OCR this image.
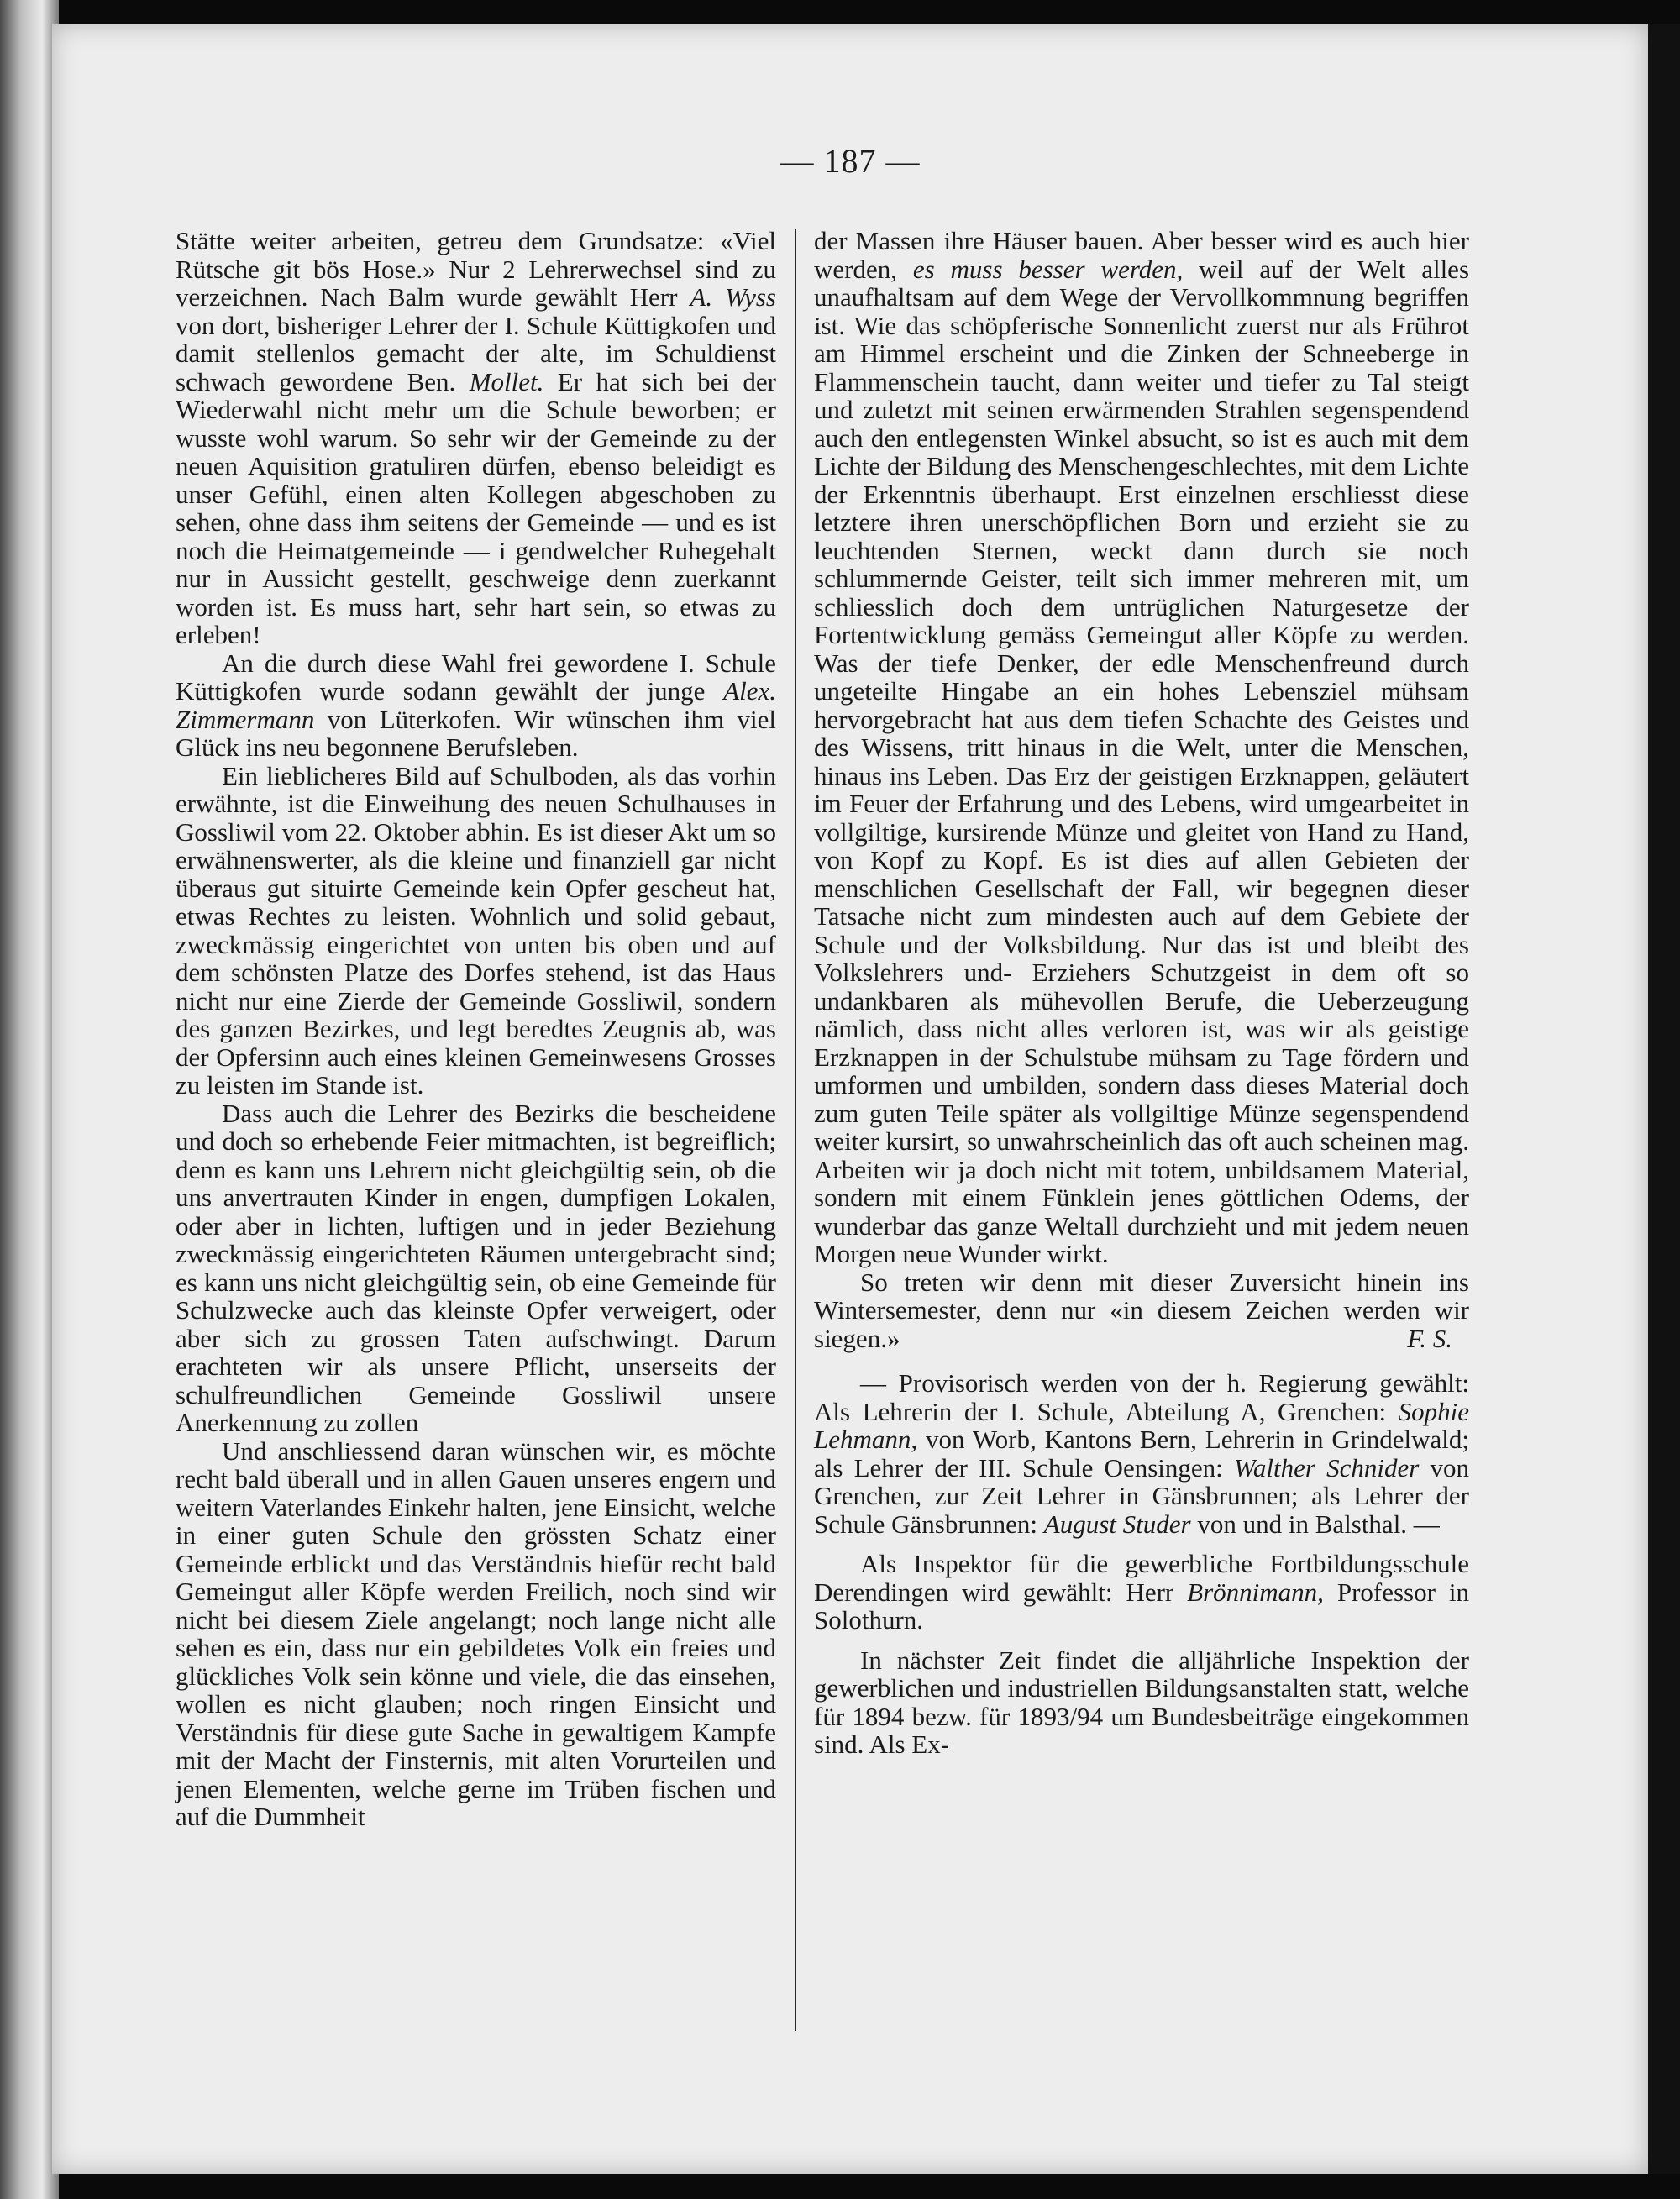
— 187 —

Stätte weiter arbeiten, getreu dem Grundsatze: «Viel Rütsche git bös Hose.» Nur 2 Lehrerwechsel sind zu verzeichnen. Nach Balm wurde gewählt Herr A. Wyss von dort, bisheriger Lehrer der I. Schule Küttigkofen und damit stellenlos gemacht der alte, im Schuldienst schwach gewordene Ben. Mollet. Er hat sich bei der Wiederwahl nicht mehr um die Schule beworben; er wusste wohl warum. So sehr wir der Gemeinde zu der neuen Aquisition gratuliren dürfen, ebenso beleidigt es unser Gefühl, einen alten Kollegen abgeschoben zu sehen, ohne dass ihm seitens der Gemeinde — und es ist noch die Heimatgemeinde — i gendwelcher Ruhegehalt nur in Aussicht gestellt, geschweige denn zuerkannt worden ist. Es muss hart, sehr hart sein, so etwas zu erleben!

An die durch diese Wahl frei gewordene I. Schule Küttigkofen wurde sodann gewählt der junge Alex. Zimmermann von Lüterkofen. Wir wünschen ihm viel Glück ins neu begonnene Berufsleben.

Ein lieblicheres Bild auf Schulboden, als das vorhin erwähnte, ist die Einweihung des neuen Schulhauses in Gossliwil vom 22. Oktober abhin. Es ist dieser Akt um so erwähnenswerter, als die kleine und finanziell gar nicht überaus gut situirte Gemeinde kein Opfer gescheut hat, etwas Rechtes zu leisten. Wohnlich und solid gebaut, zweckmässig eingerichtet von unten bis oben und auf dem schönsten Platze des Dorfes stehend, ist das Haus nicht nur eine Zierde der Gemeinde Gossliwil, sondern des ganzen Bezirkes, und legt beredtes Zeugnis ab, was der Opfersinn auch eines kleinen Gemeinwesens Grosses zu leisten im Stande ist.

Dass auch die Lehrer des Bezirks die bescheidene und doch so erhebende Feier mitmachten, ist begreiflich; denn es kann uns Lehrern nicht gleichgültig sein, ob die uns anvertrauten Kinder in engen, dumpfigen Lokalen, oder aber in lichten, luftigen und in jeder Beziehung zweckmässig eingerichteten Räumen untergebracht sind; es kann uns nicht gleichgültig sein, ob eine Gemeinde für Schulzwecke auch das kleinste Opfer verweigert, oder aber sich zu grossen Taten aufschwingt. Darum erachteten wir als unsere Pflicht, unserseits der schulfreundlichen Gemeinde Gossliwil unsere Anerkennung zu zollen

Und anschliessend daran wünschen wir, es möchte recht bald überall und in allen Gauen unseres engern und weitern Vaterlandes Einkehr halten, jene Einsicht, welche in einer guten Schule den grössten Schatz einer Gemeinde erblickt und das Verständnis hiefür recht bald Gemeingut aller Köpfe werden Freilich, noch sind wir nicht bei diesem Ziele angelangt; noch lange nicht alle sehen es ein, dass nur ein gebildetes Volk ein freies und glückliches Volk sein könne und viele, die das einsehen, wollen es nicht glauben; noch ringen Einsicht und Verständnis für diese gute Sache in gewaltigem Kampfe mit der Macht der Finsternis, mit alten Vorurteilen und jenen Elementen, welche gerne im Trüben fischen und auf die Dummheit

der Massen ihre Häuser bauen. Aber besser wird es auch hier werden, es muss besser werden, weil auf der Welt alles unaufhaltsam auf dem Wege der Vervollkommnung begriffen ist. Wie das schöpferische Sonnenlicht zuerst nur als Frührot am Himmel erscheint und die Zinken der Schneeberge in Flammenschein taucht, dann weiter und tiefer zu Tal steigt und zuletzt mit seinen erwärmenden Strahlen segenspendend auch den entlegensten Winkel absucht, so ist es auch mit dem Lichte der Bildung des Menschengeschlechtes, mit dem Lichte der Erkenntnis überhaupt. Erst einzelnen erschliesst diese letztere ihren unerschöpflichen Born und erzieht sie zu leuchtenden Sternen, weckt dann durch sie noch schlummernde Geister, teilt sich immer mehreren mit, um schliesslich doch dem untrüglichen Naturgesetze der Fortentwicklung gemäss Gemeingut aller Köpfe zu werden. Was der tiefe Denker, der edle Menschenfreund durch ungeteilte Hingabe an ein hohes Lebensziel mühsam hervorgebracht hat aus dem tiefen Schachte des Geistes und des Wissens, tritt hinaus in die Welt, unter die Menschen, hinaus ins Leben. Das Erz der geistigen Erzknappen, geläutert im Feuer der Erfahrung und des Lebens, wird umgearbeitet in vollgiltige, kursirende Münze und gleitet von Hand zu Hand, von Kopf zu Kopf. Es ist dies auf allen Gebieten der menschlichen Gesellschaft der Fall, wir begegnen dieser Tatsache nicht zum mindesten auch auf dem Gebiete der Schule und der Volksbildung. Nur das ist und bleibt des Volkslehrers und- Erziehers Schutzgeist in dem oft so undankbaren als mühevollen Berufe, die Ueberzeugung nämlich, dass nicht alles verloren ist, was wir als geistige Erzknappen in der Schulstube mühsam zu Tage fördern und umformen und umbilden, sondern dass dieses Material doch zum guten Teile später als vollgiltige Münze segenspendend weiter kursirt, so unwahrscheinlich das oft auch scheinen mag. Arbeiten wir ja doch nicht mit totem, unbildsamem Material, sondern mit einem Fünklein jenes göttlichen Odems, der wunderbar das ganze Weltall durchzieht und mit jedem neuen Morgen neue Wunder wirkt.

So treten wir denn mit dieser Zuversicht hinein ins Wintersemester, denn nur «in diesem Zeichen werden wir siegen.»	F. S.

— Provisorisch werden von der h. Regierung gewählt: Als Lehrerin der I. Schule, Abteilung A, Grenchen: Sophie Lehmann, von Worb, Kantons Bern, Lehrerin in Grindelwald; als Lehrer der III. Schule Oensingen: Walther Schnider von Grenchen, zur Zeit Lehrer in Gänsbrunnen; als Lehrer der Schule Gänsbrunnen: August Studer von und in Balsthal. —

Als Inspektor für die gewerbliche Fortbildungsschule Derendingen wird gewählt: Herr Brönnimann, Professor in Solothurn.

In nächster Zeit findet die alljährliche Inspektion der gewerblichen und industriellen Bildungsanstalten statt, welche für 1894 bezw. für 1893/94 um Bundesbeiträge eingekommen sind. Als Ex-
